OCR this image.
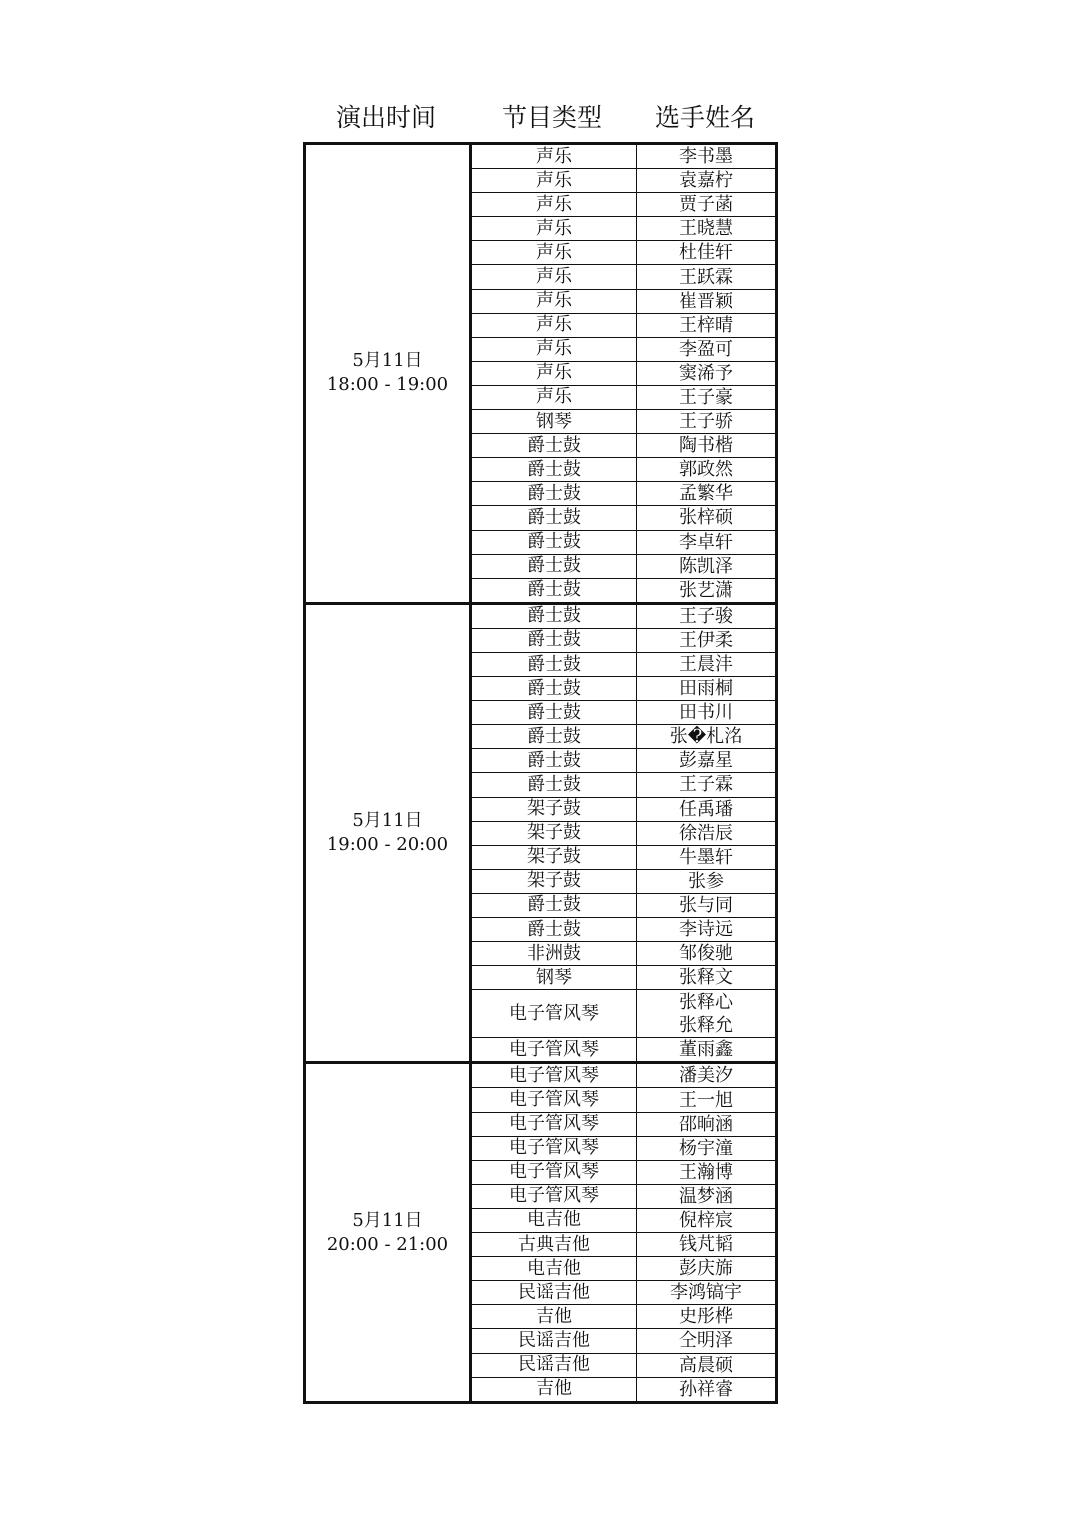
演出时间	节目类型	选手姓名
5月11日
18:00 - 19:00	声乐	李书墨

	声乐	袁嘉柠

	声乐	贾子菡

	声乐	王晓慧

	声乐	杜佳轩

	声乐	王跃霖

	声乐	崔晋颖

	声乐	王梓晴

	声乐	李盈可

	声乐	窦浠予

	声乐	王子豪

	钢琴	王子骄

	爵士鼓	陶书楷

	爵士鼓	郭政然

	爵士鼓	孟繁华

	爵士鼓	张梓硕

	爵士鼓	李卓轩

	爵士鼓	陈凯泽

	爵士鼓	张艺潇

5月11日
19:00 - 20:00	爵士鼓	王子骏

	爵士鼓	王伊柔

	爵士鼓	王晨沣

	爵士鼓	田雨桐

	爵士鼓	田书川

	爵士鼓	张�札洺

	爵士鼓	彭嘉星

	爵士鼓	王子霖

	架子鼓	任禹璠

	架子鼓	徐浩辰

	架子鼓	牛墨轩

	架子鼓	张参

	爵士鼓	张与同

	爵士鼓	李诗远

	非洲鼓	邹俊驰

	钢琴	张释文

	电子管风琴	张释心
张释允

	电子管风琴	董雨鑫

5月11日
20:00 - 21:00	电子管风琴	潘美汐

	电子管风琴	王一旭

	电子管风琴	邵晌涵

	电子管风琴	杨宇潼

	电子管风琴	王瀚博

	电子管风琴	温梦涵

	电吉他	倪梓宸

	古典吉他	钱芃韬

	电吉他	彭庆旆

	民谣吉他	李鸿镐宇

	吉他	史彤桦

	民谣吉他	仝明泽

	民谣吉他	高晨硕

	吉他	孙祥睿
